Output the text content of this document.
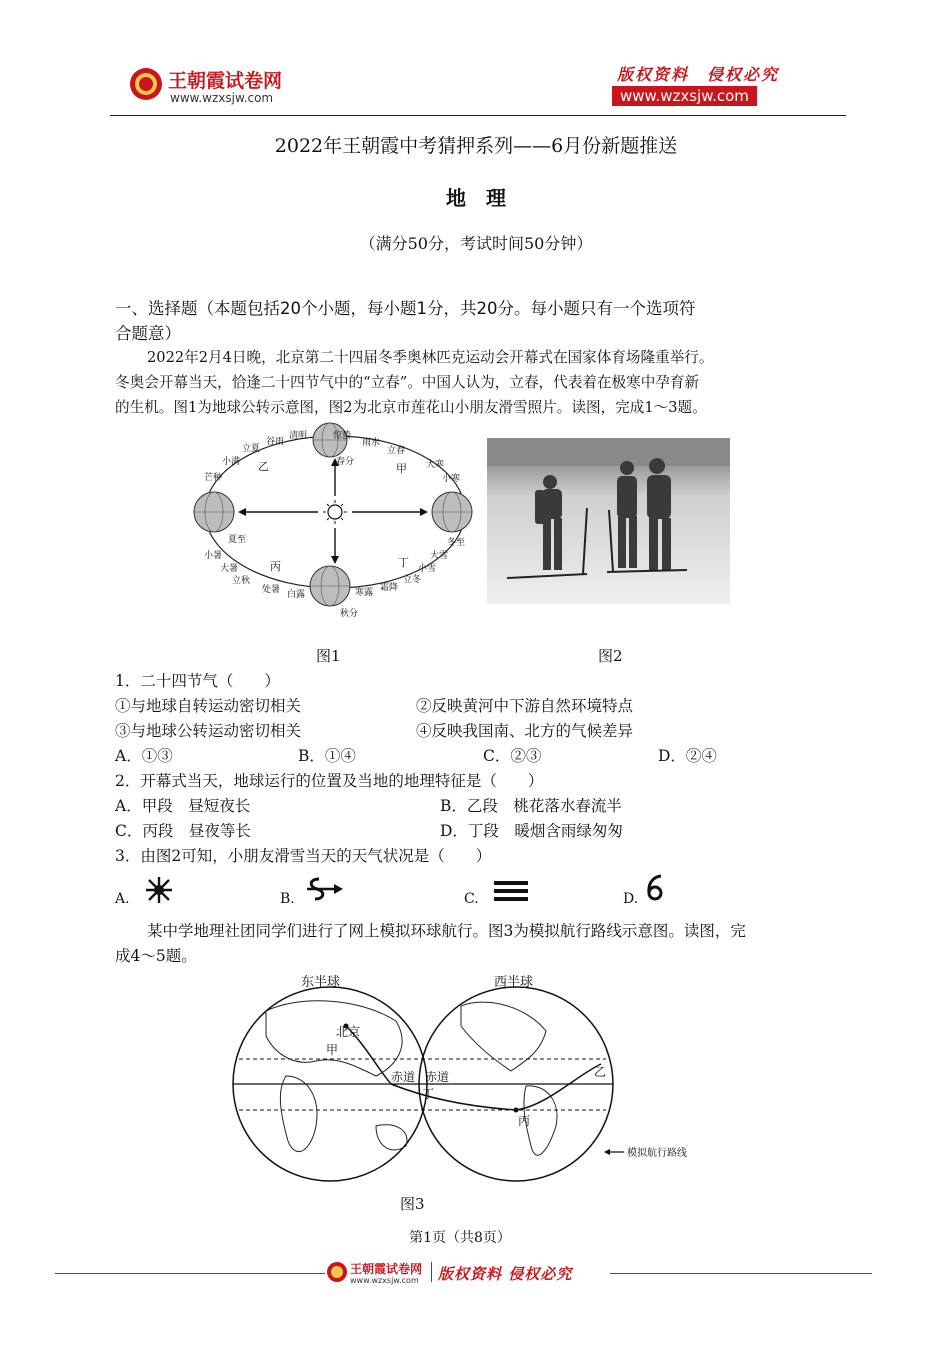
王朝霞试卷网
www.wzxsjw.com
版权资料　侵权必究
www.wzxsjw.com
2022年王朝霞中考猜押系列——6月份新题推送
地　理
（满分50分，考试时间50分钟）
一、选择题（本题包括20个小题，每小题1分，共20分。每小题只有一个选项符
合题意）
2022年2月4日晚，北京第二十四届冬季奥林匹克运动会开幕式在国家体育场隆重举行。
冬奥会开幕当天，恰逢二十四节气中的“立春”。中国人认为，立春，代表着在极寒中孕育新
的生机。图1为地球公转示意图，图2为北京市莲花山小朋友滑雪照片。读图，完成1～3题。
立夏
谷雨
清明	惊蛰
雨水
立春
小满
芒种
夏至
小暑
大暑
立秋
处暑 白露
秋分
寒露 霜降
立冬
小雪
大雪
冬至
小寒
大寒
春分	甲
乙
丙	丁
图1	图2
1．二十四节气（　　）
①与地球自转运动密切相关	②反映黄河中下游自然环境特点
③与地球公转运动密切相关	④反映我国南、北方的气候差异
A．①③	B．①④	C．②③	D．②④
2．开幕式当天，地球运行的位置及当地的地理特征是（　　）
A．甲段　昼短夜长	B．乙段　桃花落水春流半
C．丙段　昼夜等长	D．丁段　暖烟含雨绿匆匆
3．由图2可知，小朋友滑雪当天的天气状况是（　　）
A.	B.	C.	D.
某中学地理社团同学们进行了网上模拟环球航行。图3为模拟航行路线示意图。读图，完
成4～5题。
东半球	西半球
北京
甲
乙
丙
丁
赤道 赤道
模拟航行路线
图3
第1页（共8页）
王朝霞试卷网
www.wzxsjw.com 版权资料 侵权必究
